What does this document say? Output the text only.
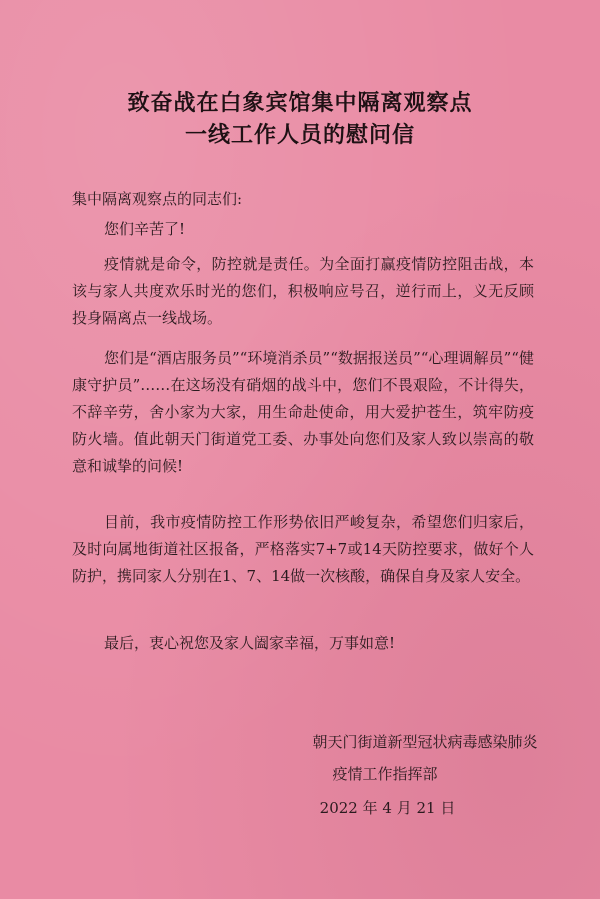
致奋战在白象宾馆集中隔离观察点
一线工作人员的慰问信
集中隔离观察点的同志们:

您们辛苦了!

疫情就是命令，防控就是责任。为全面打赢疫情防控阻击战，本该与家人共度欢乐时光的您们，积极响应号召，逆行而上，义无反顾投身隔离点一线战场。

您们是“酒店服务员”“环境消杀员”“数据报送员”“心理调解员”“健康守护员”……在这场没有硝烟的战斗中，您们不畏艰险，不计得失，不辞辛劳，舍小家为大家，用生命赴使命，用大爱护苍生，筑牢防疫防火墙。值此朝天门街道党工委、办事处向您们及家人致以崇高的敬意和诚挚的问候!

目前，我市疫情防控工作形势依旧严峻复杂，希望您们归家后，及时向属地街道社区报备，严格落实7+7或14天防控要求，做好个人防护，携同家人分别在1、7、14做一次核酸，确保自身及家人安全。

最后，衷心祝您及家人阖家幸福，万事如意!

朝天门街道新型冠状病毒感染肺炎
疫情工作指挥部
2022 年 4 月 21 日
